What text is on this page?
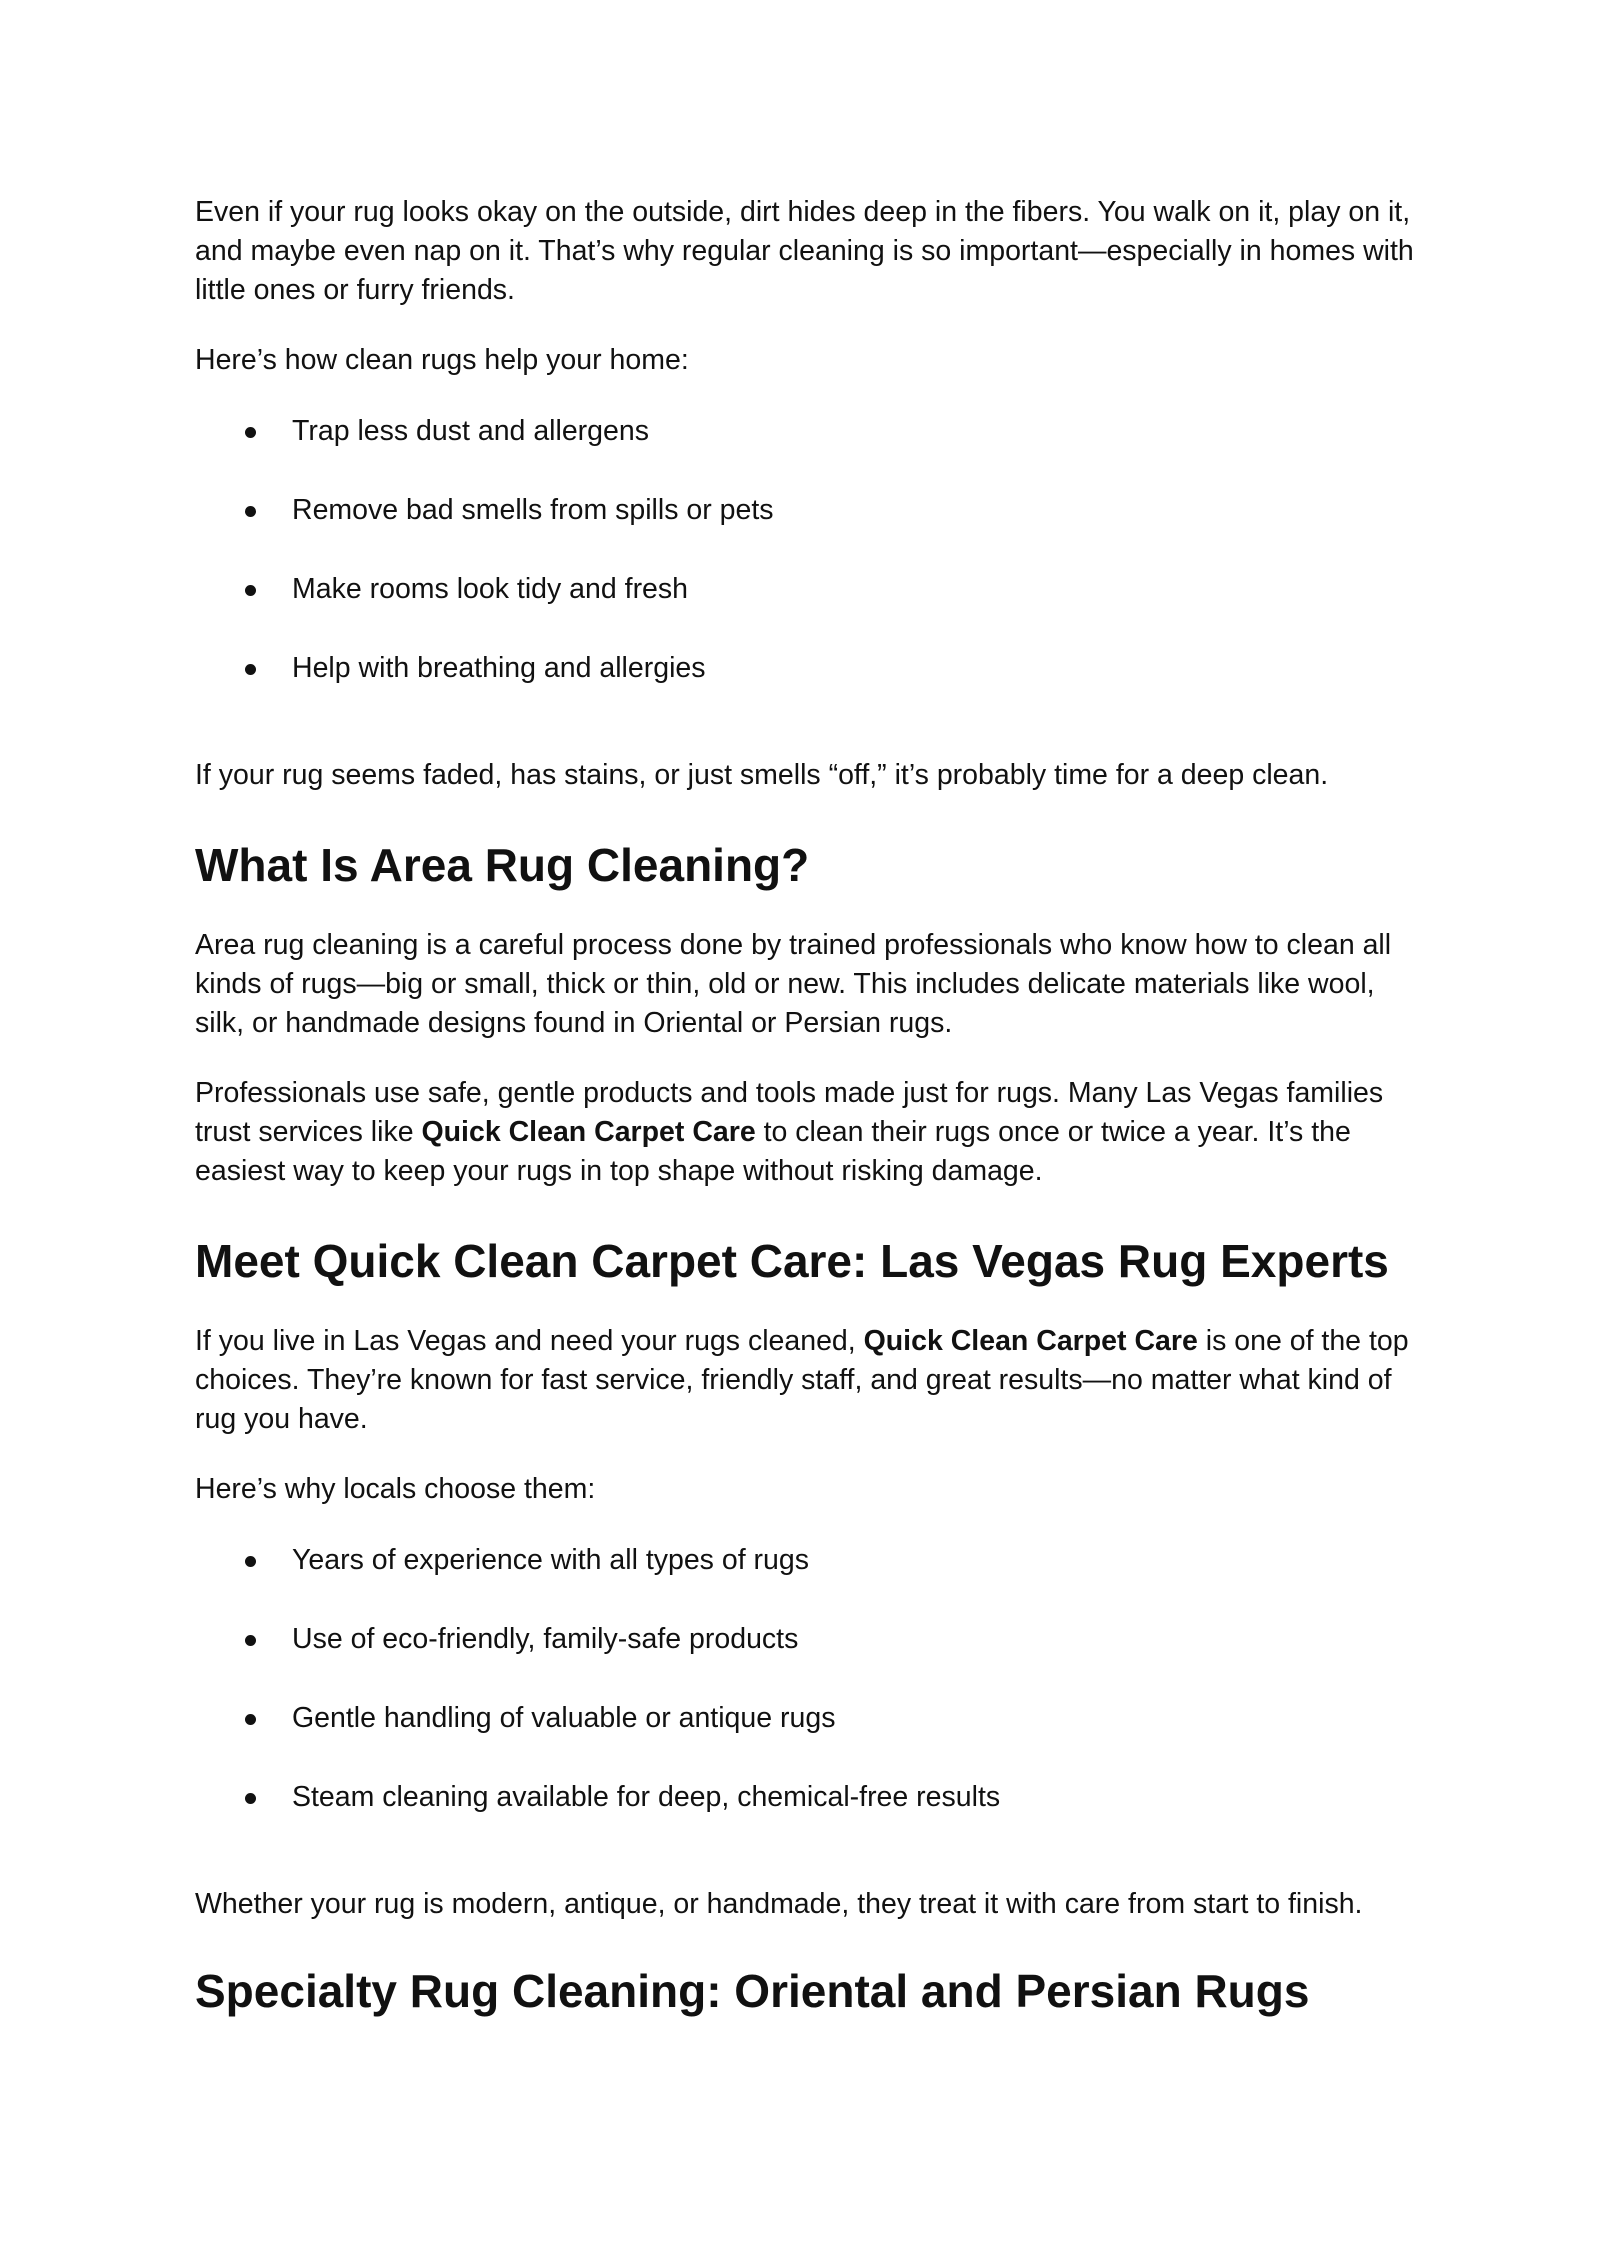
Even if your rug looks okay on the outside, dirt hides deep in the fibers. You walk on it, play on it, and maybe even nap on it. That’s why regular cleaning is so important—especially in homes with little ones or furry friends.

Here’s how clean rugs help your home:

Trap less dust and allergens
Remove bad smells from spills or pets
Make rooms look tidy and fresh
Help with breathing and allergies

If your rug seems faded, has stains, or just smells “off,” it’s probably time for a deep clean.

What Is Area Rug Cleaning?

Area rug cleaning is a careful process done by trained professionals who know how to clean all kinds of rugs—big or small, thick or thin, old or new. This includes delicate materials like wool, silk, or handmade designs found in Oriental or Persian rugs.

Professionals use safe, gentle products and tools made just for rugs. Many Las Vegas families trust services like Quick Clean Carpet Care to clean their rugs once or twice a year. It’s the easiest way to keep your rugs in top shape without risking damage.

Meet Quick Clean Carpet Care: Las Vegas Rug Experts

If you live in Las Vegas and need your rugs cleaned, Quick Clean Carpet Care is one of the top choices. They’re known for fast service, friendly staff, and great results—no matter what kind of rug you have.

Here’s why locals choose them:

Years of experience with all types of rugs
Use of eco-friendly, family-safe products
Gentle handling of valuable or antique rugs
Steam cleaning available for deep, chemical-free results

Whether your rug is modern, antique, or handmade, they treat it with care from start to finish.

Specialty Rug Cleaning: Oriental and Persian Rugs
